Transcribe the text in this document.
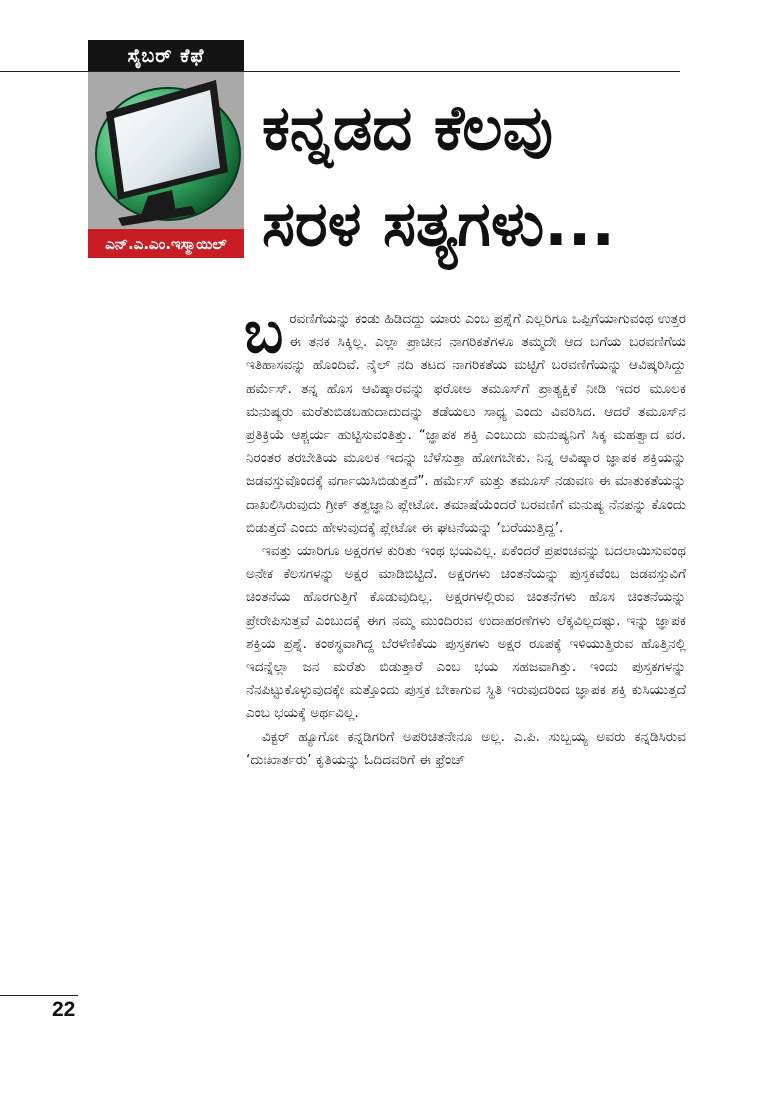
ಸೈಬರ್ ಕೆಫೆ
ಎನ್.ಎ.ಎಂ.ಇಸ್ಮಾಯಿಲ್
ಕನ್ನಡದ ಕೆಲವು
ಸರಳ ಸತ್ಯಗಳು...

ಬ ರವಣಿಗೆಯನ್ನು ಕಂಡು ಹಿಡಿದದ್ದು ಯಾರು ಎಂಬ ಪ್ರಶ್ನೆಗೆ ಎಲ್ಲರಿಗೂ ಒಪ್ಪಿಗೆಯಾಗುವಂಥ ಉತ್ತರ ಈ ತನಕ ಸಿಕ್ಕಿಲ್ಲ. ಎಲ್ಲಾ ಪ್ರಾಚೀನ ನಾಗರಿಕತೆಗಳೂ ತಮ್ಮದೇ ಆದ ಬಗೆಯ ಬರವಣಿಗೆಯ ಇತಿಹಾಸವನ್ನು ಹೊಂದಿವೆ. ನೈಲ್ ನದಿ ತಟದ ನಾಗರಿಕತೆಯ ಮಟ್ಟಿಗೆ ಬರವಣಿಗೆಯನ್ನು ಆವಿಷ್ಕರಿಸಿದ್ದು ಹರ್ಮೆಸ್. ತನ್ನ ಹೊಸ ಆವಿಷ್ಕಾರವನ್ನು ಫರೋಅ ತಮೂಸ್‌ಗೆ ಪ್ರಾತ್ಯಕ್ಷಿಕೆ ನೀಡಿ ಇದರ ಮೂಲಕ ಮನುಷ್ಯರು ಮರೆತುಬಿಡಬಹುದಾದುದನ್ನು ತಡೆಯಲು ಸಾಧ್ಯ ಎಂದು ವಿವರಿಸಿದ. ಆದರೆ ತಮೂಸ್‌ನ ಪ್ರತಿಕ್ರಿಯೆ ಆಶ್ಚರ್ಯ ಹುಟ್ಟಿಸುವಂತಿತ್ತು. “ಜ್ಞಾಪಕ ಶಕ್ತಿ ಎಂಬುದು ಮನುಷ್ಯನಿಗೆ ಸಿಕ್ಕ ಮಹತ್ವಾದ ವರ. ನಿರಂತರ ತರಬೇತಿಯ ಮೂಲಕ ಇದನ್ನು ಬೆಳೆಸುತ್ತಾ ಹೋಗಬೇಕು. ನಿನ್ನ ಆವಿಷ್ಕಾರ ಜ್ಞಾಪಕ ಶಕ್ತಿಯನ್ನು ಜಡವಸ್ತುವೊಂದಕ್ಕೆ ವರ್ಗಾಯಿಸಿಬಿಡುತ್ತದೆ”. ಹರ್ಮೆಸ್ ಮತ್ತು ತಮೂಸ್ ನಡುವಣ ಈ ಮಾತುಕತೆಯನ್ನು ದಾಖಲಿಸಿರುವುದು ಗ್ರೀಕ್ ತತ್ವಜ್ಞಾನಿ ಪ್ಲೇಟೋ. ತಮಾಷೆಯೆಂದರೆ ಬರವಣಿಗೆ ಮನುಷ್ಯ ನೆನಪನ್ನು ಕೊಂದು ಬಿಡುತ್ತದೆ ಎಂದು ಹೇಳುವುದಕ್ಕೆ ಪ್ಲೇಟೋ ಈ ಘಟನೆಯನ್ನು ‘ಬರೆಯುತ್ತಿದ್ದ’.

ಇವತ್ತು ಯಾರಿಗೂ ಅಕ್ಷರಗಳ ಕುರಿತು ಇಂಥ ಭಯವಿಲ್ಲ. ಏಕೆಂದರೆ ಪ್ರಪಂಚವನ್ನು ಬದಲಾಯಿಸುವಂಥ ಅನೇಕ ಕೆಲಸಗಳನ್ನು ಅಕ್ಷರ ಮಾಡಿಬಿಟ್ಟಿದೆ. ಅಕ್ಷರಗಳು ಚಿಂತನೆಯನ್ನು ಪುಸ್ತಕವೆಂಬ ಜಡವಸ್ತುವಿಗೆ ಚಿಂತನೆಯ ಹೊರಗುತ್ತಿಗೆ ಕೊಡುವುದಿಲ್ಲ. ಅಕ್ಷರಗಳಲ್ಲಿರುವ ಚಿಂತನೆಗಳು ಹೊಸ ಚಿಂತನೆಯನ್ನು ಪ್ರೇರೇಪಿಸುತ್ತವೆ ಎಂಬುದಕ್ಕೆ ಈಗ ನಮ್ಮ ಮುಂದಿರುವ ಉದಾಹರಣೆಗಳು ಲೆಕ್ಕವಿಲ್ಲದಷ್ಟು. ಇನ್ನು ಜ್ಞಾಪಕ ಶಕ್ತಿಯ ಪ್ರಶ್ನೆ. ಕಂಠಸ್ಥವಾಗಿದ್ದ ಬೆರಳೆಣಿಕೆಯ ಪುಸ್ತಕಗಳು ಅಕ್ಷರ ರೂಪಕ್ಕೆ ಇಳಿಯುತ್ತಿರುವ ಹೊತ್ತಿನಲ್ಲಿ ಇದನ್ನೆಲ್ಲಾ ಜನ ಮರೆತು ಬಿಡುತ್ತಾರೆ ಎಂಬ ಭಯ ಸಹಜವಾಗಿತ್ತು. ಇಂದು ಪುಸ್ತಕಗಳನ್ನು ನೆನಪಿಟ್ಟುಕೊಳ್ಳುವುದಕ್ಕೇ ಮತ್ತೊಂದು ಪುಸ್ತಕ ಬೇಕಾಗುವ ಸ್ಥಿತಿ ಇರುವುದರಿಂದ ಜ್ಞಾಪಕ ಶಕ್ತಿ ಕುಸಿಯುತ್ತದೆ ಎಂಬ ಭಯಕ್ಕೆ ಅರ್ಥವಿಲ್ಲ.

ವಿಕ್ಟರ್ ಹ್ಯೂಗೋ ಕನ್ನಡಿಗರಿಗೆ ಅಪರಿಚಿತನೇನೂ ಅಲ್ಲ. ಎ.ಪಿ. ಸುಬ್ಬಯ್ಯ ಅವರು ಕನ್ನಡಿಸಿರುವ ‘ದುಃಖಾರ್ತರು’ ಕೃತಿಯನ್ನು ಓದಿದವರಿಗೆ ಈ ಫ್ರೆಂಚ್

22
